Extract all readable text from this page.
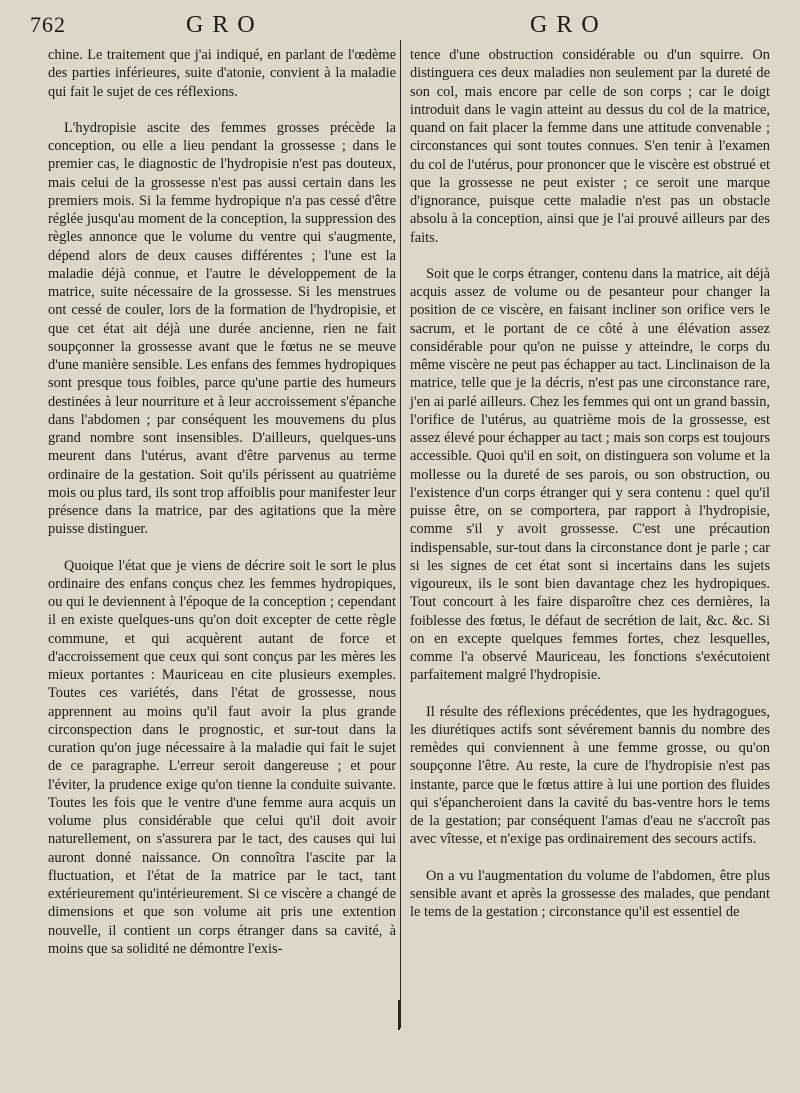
762	GRO	GRO

chine. Le traitement que j'ai indiqué, en parlant de l'œdème des parties inférieures, suite d'atonie, convient à la maladie qui fait le sujet de ces réflexions.

L'hydropisie ascite des femmes grosses précède la conception, ou elle a lieu pendant la grossesse ; dans le premier cas, le diagnostic de l'hydropisie n'est pas douteux, mais celui de la grossesse n'est pas aussi certain dans les premiers mois. Si la femme hydropique n'a pas cessé d'être réglée jusqu'au moment de la conception, la suppression des règles annonce que le volume du ventre qui s'augmente, dépend alors de deux causes différentes ; l'une est la maladie déjà connue, et l'autre le développement de la matrice, suite nécessaire de la grossesse. Si les menstrues ont cessé de couler, lors de la formation de l'hydropisie, et que cet état ait déjà une durée ancienne, rien ne fait soupçonner la grossesse avant que le fœtus ne se meuve d'une manière sensible. Les enfans des femmes hydropiques sont presque tous foibles, parce qu'une partie des humeurs destinées à leur nourriture et à leur accroissement s'épanche dans l'abdomen ; par conséquent les mouvemens du plus grand nombre sont insensibles. D'ailleurs, quelques-uns meurent dans l'utérus, avant d'être parvenus au terme ordinaire de la gestation. Soit qu'ils périssent au quatrième mois ou plus tard, ils sont trop affoiblis pour manifester leur présence dans la matrice, par des agitations que la mère puisse distinguer.

Quoique l'état que je viens de décrire soit le sort le plus ordinaire des enfans conçus chez les femmes hydropiques, ou qui le deviennent à l'époque de la conception ; cependant il en existe quelques-uns qu'on doit excepter de cette règle commune, et qui acquèrent autant de force et d'accroissement que ceux qui sont conçus par les mères les mieux portantes : Mauriceau en cite plusieurs exemples. Toutes ces variétés, dans l'état de grossesse, nous apprennent au moins qu'il faut avoir la plus grande circonspection dans le prognostic, et sur-tout dans la curation qu'on juge nécessaire à la maladie qui fait le sujet de ce paragraphe. L'erreur seroit dangereuse ; et pour l'éviter, la prudence exige qu'on tienne la conduite suivante. Toutes les fois que le ventre d'une femme aura acquis un volume plus considérable que celui qu'il doit avoir naturellement, on s'assurera par le tact, des causes qui lui auront donné naissance. On connoîtra l'ascite par la fluctuation, et l'état de la matrice par le tact, tant extérieurement qu'intérieurement. Si ce viscère a changé de dimensions et que son volume ait pris une extention nouvelle, il contient un corps étranger dans sa cavité, à moins que sa solidité ne démontre l'exis-

tence d'une obstruction considérable ou d'un squirre. On distinguera ces deux maladies non seulement par la dureté de son col, mais encore par celle de son corps ; car le doigt introduit dans le vagin atteint au dessus du col de la matrice, quand on fait placer la femme dans une attitude convenable ; circonstances qui sont toutes connues. S'en tenir à l'examen du col de l'utérus, pour prononcer que le viscère est obstrué et que la grossesse ne peut exister ; ce seroit une marque d'ignorance, puisque cette maladie n'est pas un obstacle absolu à la conception, ainsi que je l'ai prouvé ailleurs par des faits.

Soit que le corps étranger, contenu dans la matrice, ait déjà acquis assez de volume ou de pesanteur pour changer la position de ce viscère, en faisant incliner son orifice vers le sacrum, et le portant de ce côté à une élévation assez considérable pour qu'on ne puisse y atteindre, le corps du même viscère ne peut pas échapper au tact. Linclinaison de la matrice, telle que je la décris, n'est pas une circonstance rare, j'en ai parlé ailleurs. Chez les femmes qui ont un grand bassin, l'orifice de l'utérus, au quatrième mois de la grossesse, est assez élevé pour échapper au tact ; mais son corps est toujours accessible. Quoi qu'il en soit, on distinguera son volume et la mollesse ou la dureté de ses parois, ou son obstruction, ou l'existence d'un corps étranger qui y sera contenu : quel qu'il puisse être, on se comportera, par rapport à l'hydropisie, comme s'il y avoit grossesse. C'est une précaution indispensable, sur-tout dans la circonstance dont je parle ; car si les signes de cet état sont si incertains dans les sujets vigoureux, ils le sont bien davantage chez les hydropiques. Tout concourt à les faire disparoître chez ces dernières, la foiblesse des fœtus, le défaut de secrétion de lait, &c. &c. Si on en excepte quelques femmes fortes, chez lesquelles, comme l'a observé Mauriceau, les fonctions s'exécutoient parfaitement malgré l'hydropisie.

Il résulte des réflexions précédentes, que les hydragogues, les diurétiques actifs sont sévérement bannis du nombre des remèdes qui conviennent à une femme grosse, ou qu'on soupçonne l'être. Au reste, la cure de l'hydropisie n'est pas instante, parce que le fœtus attire à lui une portion des fluides qui s'épancheroient dans la cavité du bas-ventre hors le tems de la gestation; par conséquent l'amas d'eau ne s'accroît pas avec vîtesse, et n'exige pas ordinairement des secours actifs.

On a vu l'augmentation du volume de l'abdomen, être plus sensible avant et après la grossesse des malades, que pendant le tems de la gestation ; circonstance qu'il est essentiel de
